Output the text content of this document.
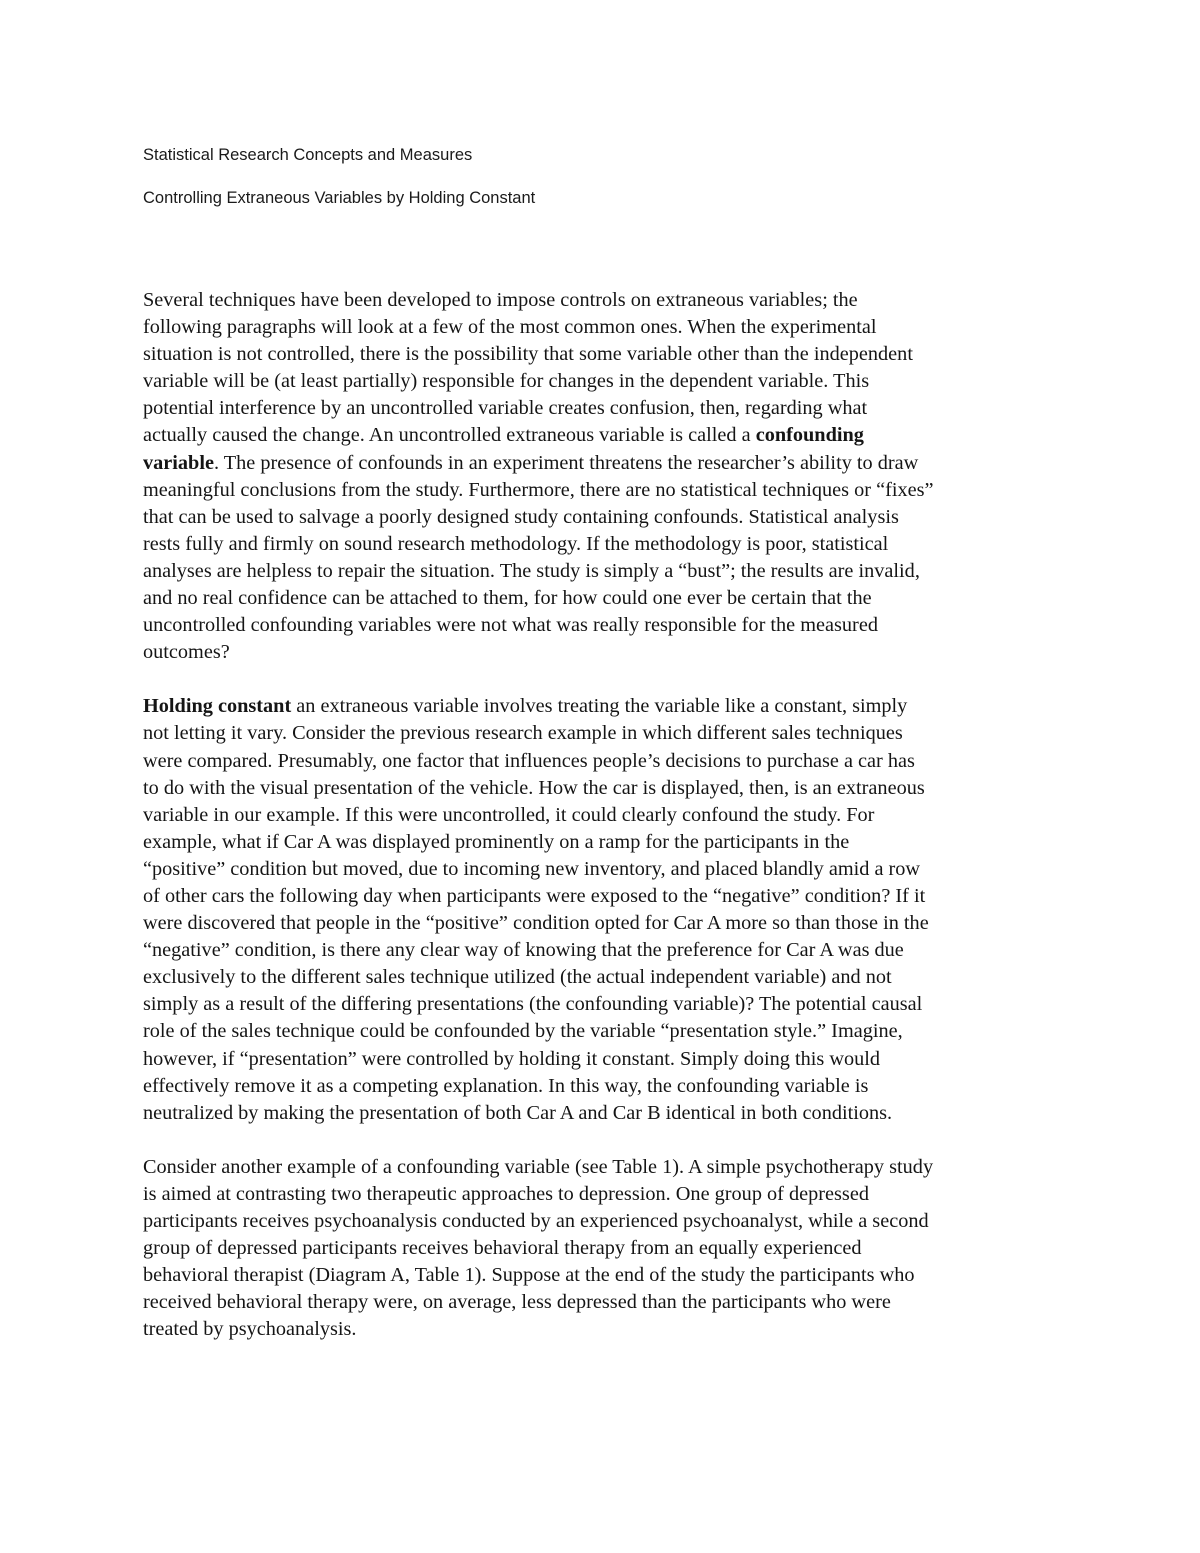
Statistical Research Concepts and Measures

Controlling Extraneous Variables by Holding Constant

Several techniques have been developed to impose controls on extraneous variables; the
following paragraphs will look at a few of the most common ones. When the experimental
situation is not controlled, there is the possibility that some variable other than the independent
variable will be (at least partially) responsible for changes in the dependent variable. This
potential interference by an uncontrolled variable creates confusion, then, regarding what
actually caused the change. An uncontrolled extraneous variable is called a confounding
variable. The presence of confounds in an experiment threatens the researcher’s ability to draw
meaningful conclusions from the study. Furthermore, there are no statistical techniques or “fixes”
that can be used to salvage a poorly designed study containing confounds. Statistical analysis
rests fully and firmly on sound research methodology. If the methodology is poor, statistical
analyses are helpless to repair the situation. The study is simply a “bust”; the results are invalid,
and no real confidence can be attached to them, for how could one ever be certain that the
uncontrolled confounding variables were not what was really responsible for the measured
outcomes?

Holding constant an extraneous variable involves treating the variable like a constant, simply
not letting it vary. Consider the previous research example in which different sales techniques
were compared. Presumably, one factor that influences people’s decisions to purchase a car has
to do with the visual presentation of the vehicle. How the car is displayed, then, is an extraneous
variable in our example. If this were uncontrolled, it could clearly confound the study. For
example, what if Car A was displayed prominently on a ramp for the participants in the
“positive” condition but moved, due to incoming new inventory, and placed blandly amid a row
of other cars the following day when participants were exposed to the “negative” condition? If it
were discovered that people in the “positive” condition opted for Car A more so than those in the
“negative” condition, is there any clear way of knowing that the preference for Car A was due
exclusively to the different sales technique utilized (the actual independent variable) and not
simply as a result of the differing presentations (the confounding variable)? The potential causal
role of the sales technique could be confounded by the variable “presentation style.” Imagine,
however, if “presentation” were controlled by holding it constant. Simply doing this would
effectively remove it as a competing explanation. In this way, the confounding variable is
neutralized by making the presentation of both Car A and Car B identical in both conditions.

Consider another example of a confounding variable (see Table 1). A simple psychotherapy study
is aimed at contrasting two therapeutic approaches to depression. One group of depressed
participants receives psychoanalysis conducted by an experienced psychoanalyst, while a second
group of depressed participants receives behavioral therapy from an equally experienced
behavioral therapist (Diagram A, Table 1). Suppose at the end of the study the participants who
received behavioral therapy were, on average, less depressed than the participants who were
treated by psychoanalysis.
